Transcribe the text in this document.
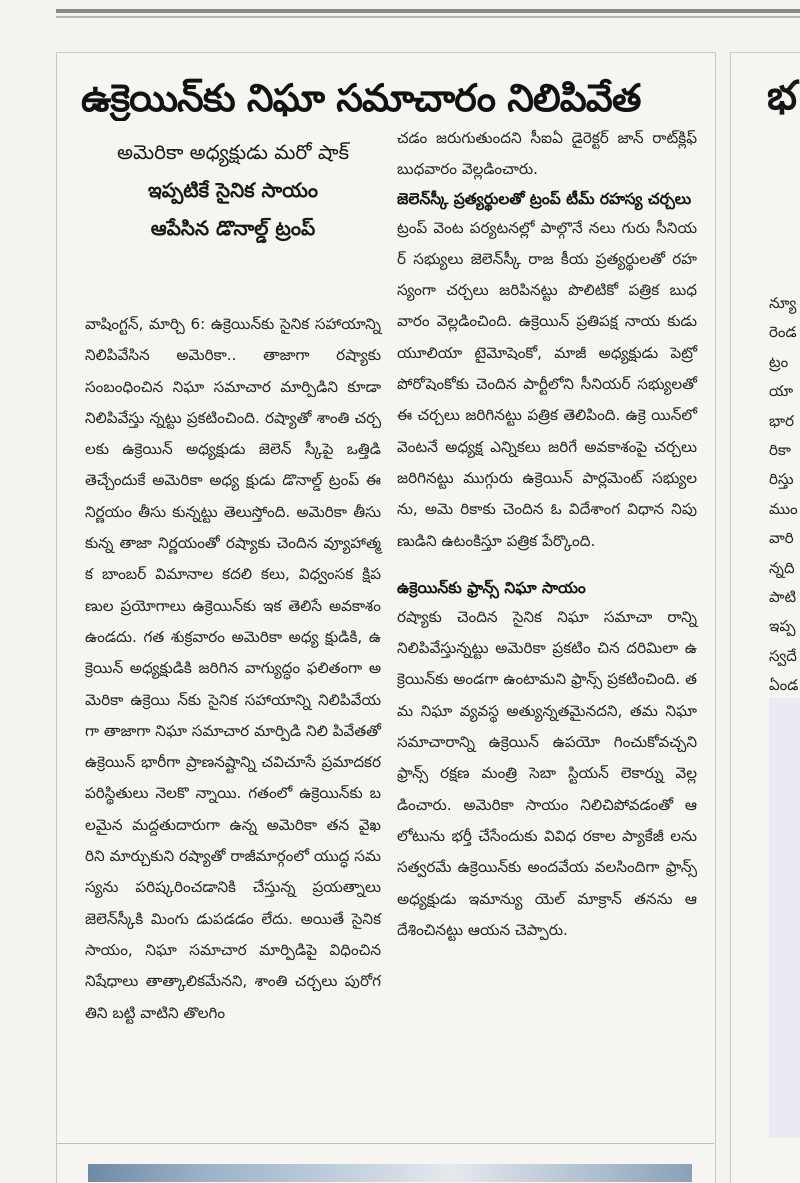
ఉక్రెయిన్‌కు నిఘా సమాచారం నిలిపివేత
అమెరికా అధ్యక్షుడు మరో షాక్
ఇప్పటికే సైనిక సాయం
ఆపేసిన డొనాల్డ్ ట్రంప్
వాషింగ్టన్, మార్చి 6: ఉక్రెయిన్‌కు సైనిక సహాయాన్ని నిలిపివేసిన అమెరికా.. తాజాగా రష్యాకు సంబంధించిన నిఘా సమాచార మార్పిడిని కూడా నిలిపివేస్తు న్నట్టు ప్రకటించింది. రష్యాతో శాంతి చర్చలకు ఉక్రెయిన్ అధ్యక్షుడు జెలెన్ స్కీపై ఒత్తిడి తెచ్చేందుకే అమెరికా అధ్య క్షుడు డొనాల్డ్ ట్రంప్ ఈ నిర్ణయం తీసు కున్నట్టు తెలుస్తోంది. అమెరికా తీసు కున్న తాజా నిర్ణయంతో రష్యాకు చెందిన వ్యూహాత్మక బాంబర్ విమానాల కదలి కలు, విధ్వంసక క్షిపణుల ప్రయోగాలు ఉక్రెయిన్‌కు ఇక తెలిసే అవకాశం ఉండదు. గత శుక్రవారం అమెరికా అధ్య క్షుడికి, ఉక్రెయిన్ అధ్యక్షుడికి జరిగిన వాగ్యుద్ధం ఫలితంగా అమెరికా ఉక్రెయి న్‌కు సైనిక సహాయాన్ని నిలిపివేయగా తాజాగా నిఘా సమాచార మార్పిడి నిలి పివేతతో ఉక్రెయిన్ భారీగా ప్రాణనష్టాన్ని చవిచూసే ప్రమాదకర పరిస్థితులు నెలకొ న్నాయి. గతంలో ఉక్రెయిన్‌కు బలమైన మద్దతుదారుగా ఉన్న అమెరికా తన వైఖ రిని మార్చుకుని రష్యాతో రాజీమార్గంలో యుద్ధ సమస్యను పరిష్కరించడానికి చేస్తున్న ప్రయత్నాలు జెలెన్‌స్కీకి మింగు డుపడడం లేదు. అయితే సైనిక సాయం, నిఘా సమాచార మార్పిడిపై విధించిన నిషేధాలు తాత్కాలికమేనని, శాంతి చర్చలు పురోగతిని బట్టి వాటిని తొలగిం
చడం జరుగుతుందని సీఐఏ డైరెక్టర్ జాన్ రాట్‌క్లిఫ్ బుధవారం వెల్లడించారు.
జెలెన్‌స్కీ ప్రత్యర్థులతో ట్రంప్ టీమ్ రహస్య చర్చలు
ట్రంప్ వెంట పర్యటనల్లో పాల్గొనే నలు గురు సీనియర్ సభ్యులు జెలెన్‌స్కీ రాజ కీయ ప్రత్యర్థులతో రహస్యంగా చర్చలు జరిపినట్టు పొలిటికో పత్రిక బుధవారం వెల్లడించింది. ఉక్రెయిన్ ప్రతిపక్ష నాయ కుడు యూలియా టైమోషెంకో, మాజీ అధ్యక్షుడు పెట్రో పోరోషెంకోకు చెందిన పార్టీలోని సీనియర్ సభ్యులతో ఈ చర్చలు జరిగినట్టు పత్రిక తెలిపింది. ఉక్రె యిన్‌లో వెంటనే అధ్యక్ష ఎన్నికలు జరిగే అవకాశంపై చర్చలు జరిగినట్టు ముగ్గురు ఉక్రెయిన్ పార్లమెంట్ సభ్యులను, అమె రికాకు చెందిన ఓ విదేశాంగ విధాన నిపు ణుడిని ఉటంకిస్తూ పత్రిక పేర్కొంది.
ఉక్రెయిన్‌కు ఫ్రాన్స్ నిఘా సాయం
రష్యాకు చెందిన సైనిక నిఘా సమాచా రాన్ని నిలిపివేస్తున్నట్టు అమెరికా ప్రకటిం చిన దరిమిలా ఉక్రెయిన్‌కు అండగా ఉంటామని ఫ్రాన్స్ ప్రకటించింది. తమ నిఘా వ్యవస్థ అత్యున్నతమైనదని, తమ నిఘా సమాచారాన్ని ఉక్రెయిన్ ఉపయో గించుకోవచ్చని ఫ్రాన్స్ రక్షణ మంత్రి సెబా స్టియన్ లెకార్ను వెల్లడించారు. అమెరికా సాయం నిలిచిపోవడంతో ఆ లోటును భర్తీ చేసేందుకు వివిధ రకాల ప్యాకేజీ లను సత్వరమే ఉక్రెయిన్‌కు అందవేయ వలసిందిగా ఫ్రాన్స్ అధ్యక్షుడు ఇమాన్యు యెల్ మాక్రాన్ తనను ఆదేశించినట్టు ఆయన చెప్పారు.
భ
న్యూ
రెండ
ట్రం
యా
భార
రికా
రిస్తు
ముం
వారి
న్నది
పాటి
ఇప్ప
స్వదే
ఏండ
